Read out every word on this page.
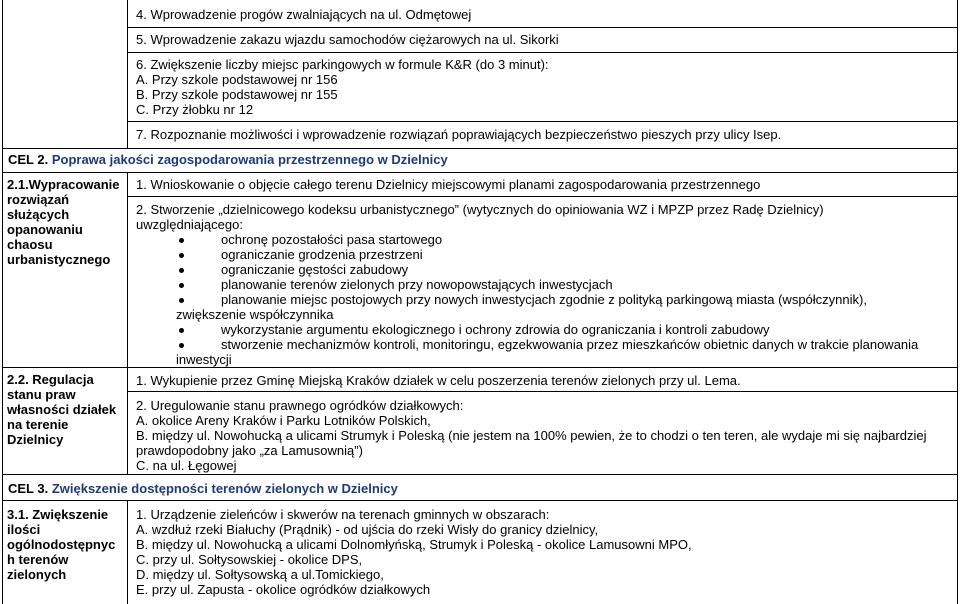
4. Wprowadzenie progów zwalniających na ul. Odmętowej
5. Wprowadzenie zakazu wjazdu samochodów ciężarowych na ul. Sikorki
6. Zwiększenie liczby miejsc parkingowych w formule K&R (do 3 minut):
A. Przy szkole podstawowej nr 156
B. Przy szkole podstawowej nr 155
C. Przy żłobku nr 12
7. Rozpoznanie możliwości i wprowadzenie rozwiązań poprawiających bezpieczeństwo pieszych przy ulicy Isep.
CEL 2. Poprawa jakości zagospodarowania przestrzennego w Dzielnicy
2.1.Wypracowanie
rozwiązań
służących
opanowaniu
chaosu
urbanistycznego
1. Wnioskowanie o objęcie całego terenu Dzielnicy miejscowymi planami zagospodarowania przestrzennego
2. Stworzenie „dzielnicowego kodeksu urbanistycznego” (wytycznych do opiniowania WZ i MPZP przez Radę Dzielnicy)
uwzględniającego:
ochronę pozostałości pasa startowego
ograniczanie grodzenia przestrzeni
ograniczanie gęstości zabudowy
planowanie terenów zielonych przy nowopowstających inwestycjach
planowanie miejsc postojowych przy nowych inwestycjach zgodnie z polityką parkingową miasta (współczynnik),
zwiększenie współczynnika
wykorzystanie argumentu ekologicznego i ochrony zdrowia do ograniczania i kontroli zabudowy
stworzenie mechanizmów kontroli, monitoringu, egzekwowania przez mieszkańców obietnic danych w trakcie planowania
inwestycji
2.2. Regulacja
stanu praw
własności działek
na terenie
Dzielnicy
1. Wykupienie przez Gminę Miejską Kraków działek w celu poszerzenia terenów zielonych przy ul. Lema.
2. Uregulowanie stanu prawnego ogródków działkowych:
A. okolice Areny Kraków i Parku Lotników Polskich,
B. między ul. Nowohucką a ulicami Strumyk i Poleską (nie jestem na 100% pewien, że to chodzi o ten teren, ale wydaje mi się najbardziej
prawdopodobny jako „za Lamusownią”)
C. na ul. Łęgowej
CEL 3. Zwiększenie dostępności terenów zielonych w Dzielnicy
3.1. Zwiększenie
ilości
ogólnodostępnyc
h terenów
zielonych
1. Urządzenie zieleńców i skwerów na terenach gminnych w obszarach:
A. wzdłuż rzeki Białuchy (Prądnik) - od ujścia do rzeki Wisły do granicy dzielnicy,
B. między ul. Nowohucką a ulicami Dolnomłyńską, Strumyk i Poleską - okolice Lamusowni MPO,
C. przy ul. Sołtysowskiej - okolice DPS,
D. między ul. Sołtysowską a ul.Tomickiego,
E. przy ul. Zapusta - okolice ogródków działkowych
